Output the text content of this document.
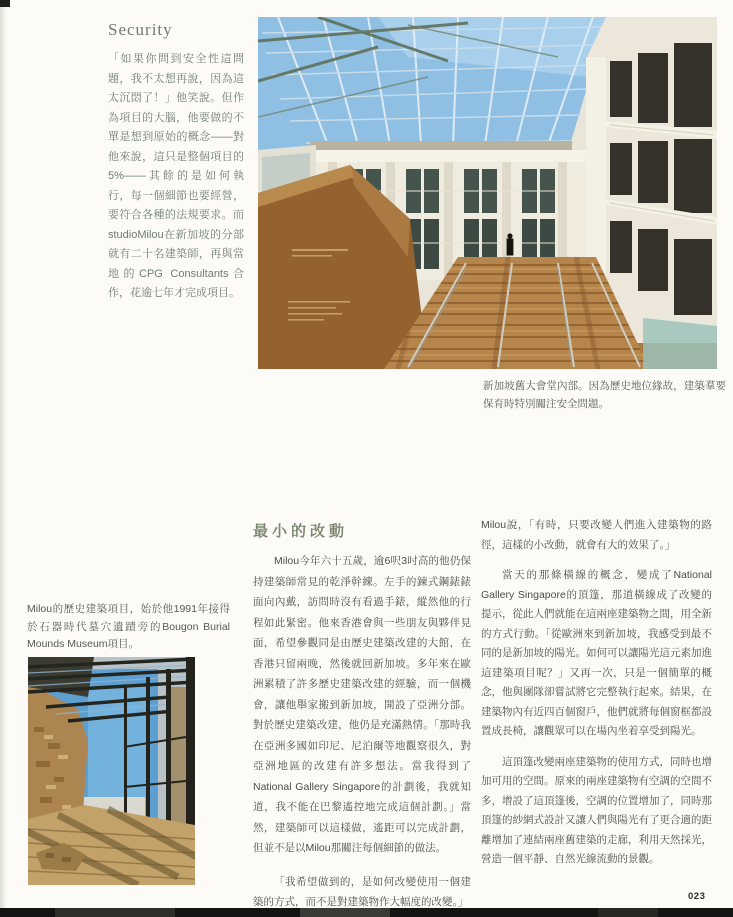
Security

「如果你問到安全性這問題，我不太想再說，因為這太沉悶了！」他笑說。但作為項目的大腦，他要做的不單是想到原始的概念——對他來說，這只是整個項目的5%——其餘的是如何執行，每一個細節也要經營，要符合各種的法規要求。而studioMilou在新加坡的分部就有二十名建築師，再與當地的CPG Consultants合作，花逾七年才完成項目。

新加坡舊大會堂內部。因為歷史地位緣故，建築羣要保育時特別關注安全問題。

Milou的歷史建築項目，始於他1991年接得於石器時代墓穴遺蹟旁的Bougon Burial Mounds Museum項目。

最小的改動

Milou今年六十五歲，逾6呎3吋高的他仍保持建築師常見的乾淨幹練。左手的鍊式鋼錶錶面向內戴，訪問時沒有看過手錶，縱然他的行程如此緊密。他來香港會與一些朋友與夥伴見面，希望參觀同是由歷史建築改建的大館，在香港只留兩晚，然後就回新加坡。多年來在歐洲累積了許多歷史建築改建的經驗，而一個機會，讓他舉家搬到新加坡，開設了亞洲分部。對於歷史建築改建，他仍是充滿熱情。「那時我在亞洲多國如印尼、尼泊爾等地觀察很久，對亞洲地區的改建有許多想法。當我得到了National Gallery Singapore的計劃後，我就知道，我不能在巴黎遙控地完成這個計劃。」當然，建築師可以這樣做，遙距可以完成計劃，但並不是以Milou那關注每個細節的做法。

「我希望做到的，是如何改變使用一個建築的方式，而不是對建築物作大幅度的改變。」

Milou說，「有時，只要改變人們進入建築物的路徑，這樣的小改動，就會有大的效果了。」

當天的那條橫線的概念，變成了National Gallery Singapore的頂篷，那道橫線成了改變的提示，從此人們就能在這兩座建築物之間，用全新的方式行動。「從歐洲來到新加坡，我感受到最不同的是新加坡的陽光。如何可以讓陽光這元素加進這建築項目呢？」又再一次，只是一個簡單的概念，他與團隊卻嘗試將它完整執行起來。結果，在建築物內有近四百個窗戶，他們就將每個窗框都設置成長椅，讓觀眾可以在場內坐着享受到陽光。

這頂篷改變兩座建築物的使用方式，同時也增加可用的空間。原來的兩座建築物有空調的空間不多，增設了這頂篷後，空調的位置增加了，同時那頂篷的紗網式設計又讓人們與陽光有了更合適的距離增加了連結兩座舊建築的走廊，利用天然採光，營造一個平靜、自然光線流動的景觀。

023
